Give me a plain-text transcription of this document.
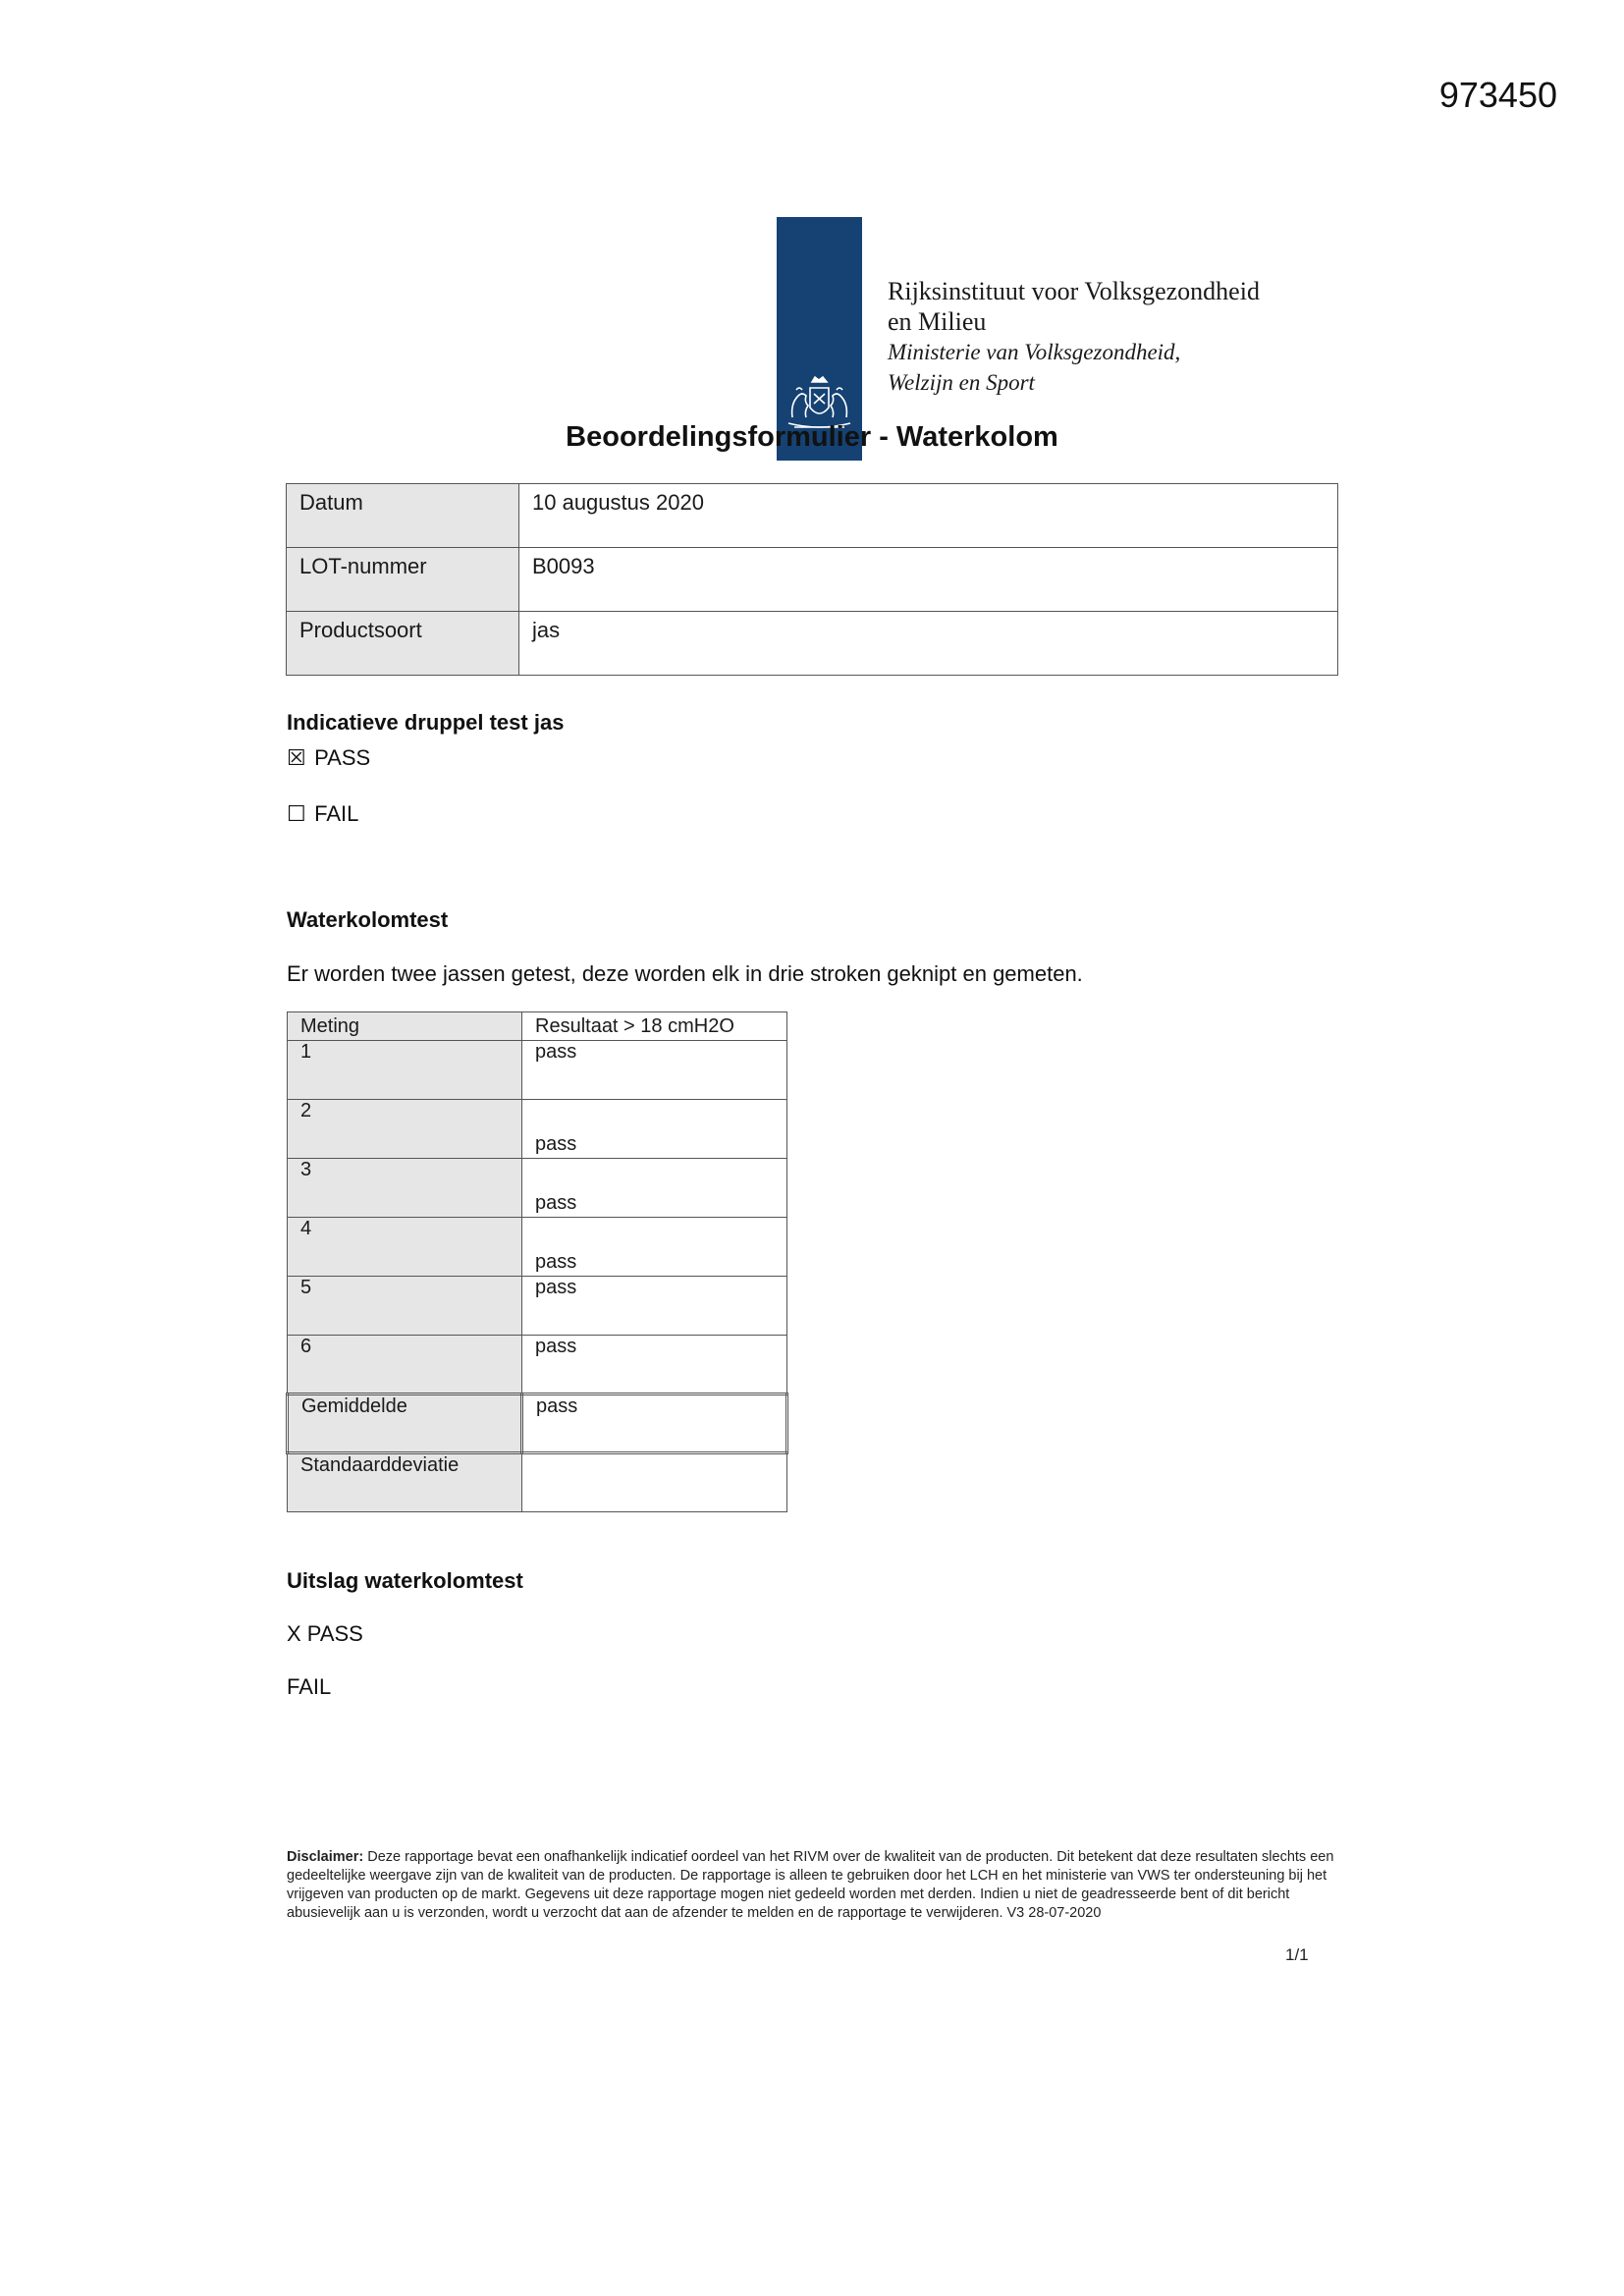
973450
Rijksinstituut voor Volksgezondheid
en Milieu
Ministerie van Volksgezondheid,
Welzijn en Sport
Beoordelingsformulier - Waterkolom
Datum	10 augustus 2020
LOT-nummer	B0093
Productsoort	jas
Indicatieve druppel test jas
☒ PASS
☐ FAIL
Waterkolomtest
Er worden twee jassen getest, deze worden elk in drie stroken geknipt en gemeten.
Meting	Resultaat > 18 cmH2O
1	pass
2	pass
3	pass
4	pass
5	pass
6	pass
Gemiddelde	pass
Standaarddeviatie	
Uitslag waterkolomtest
X PASS
FAIL
Disclaimer: Deze rapportage bevat een onafhankelijk indicatief oordeel van het RIVM over de kwaliteit van de producten. Dit betekent dat deze resultaten slechts een gedeeltelijke weergave zijn van de kwaliteit van de producten. De rapportage is alleen te gebruiken door het LCH en het ministerie van VWS ter ondersteuning bij het vrijgeven van producten op de markt. Gegevens uit deze rapportage mogen niet gedeeld worden met derden. Indien u niet de geadresseerde bent of dit bericht abusievelijk aan u is verzonden, wordt u verzocht dat aan de afzender te melden en de rapportage te verwijderen. V3 28-07-2020
1/1
